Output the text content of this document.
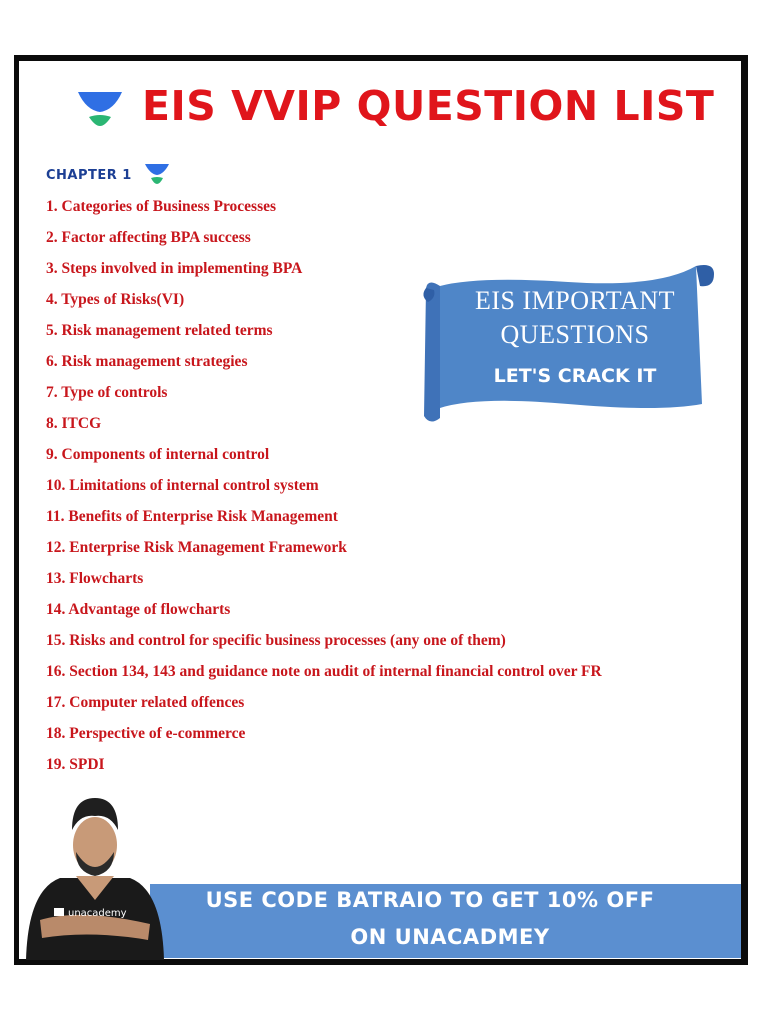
EIS VVIP QUESTION LIST
CHAPTER 1
1. Categories of Business Processes
2. Factor affecting BPA success
3. Steps involved in implementing BPA
4. Types of Risks(VI)
5. Risk management related terms
6. Risk management strategies
7. Type of controls
8. ITCG
9. Components of internal control
10. Limitations of internal control system
11. Benefits of Enterprise Risk Management
12. Enterprise Risk Management Framework
13. Flowcharts
14. Advantage of flowcharts
15. Risks and control for specific business processes (any one of them)
16. Section 134, 143 and guidance note on audit of internal financial control over FR
17. Computer related offences
18. Perspective of e-commerce
19. SPDI
EIS IMPORTANT
QUESTIONS
LET'S CRACK IT
USE CODE BATRAIO TO GET 10% OFF
ON UNACADMEY
unacademy
